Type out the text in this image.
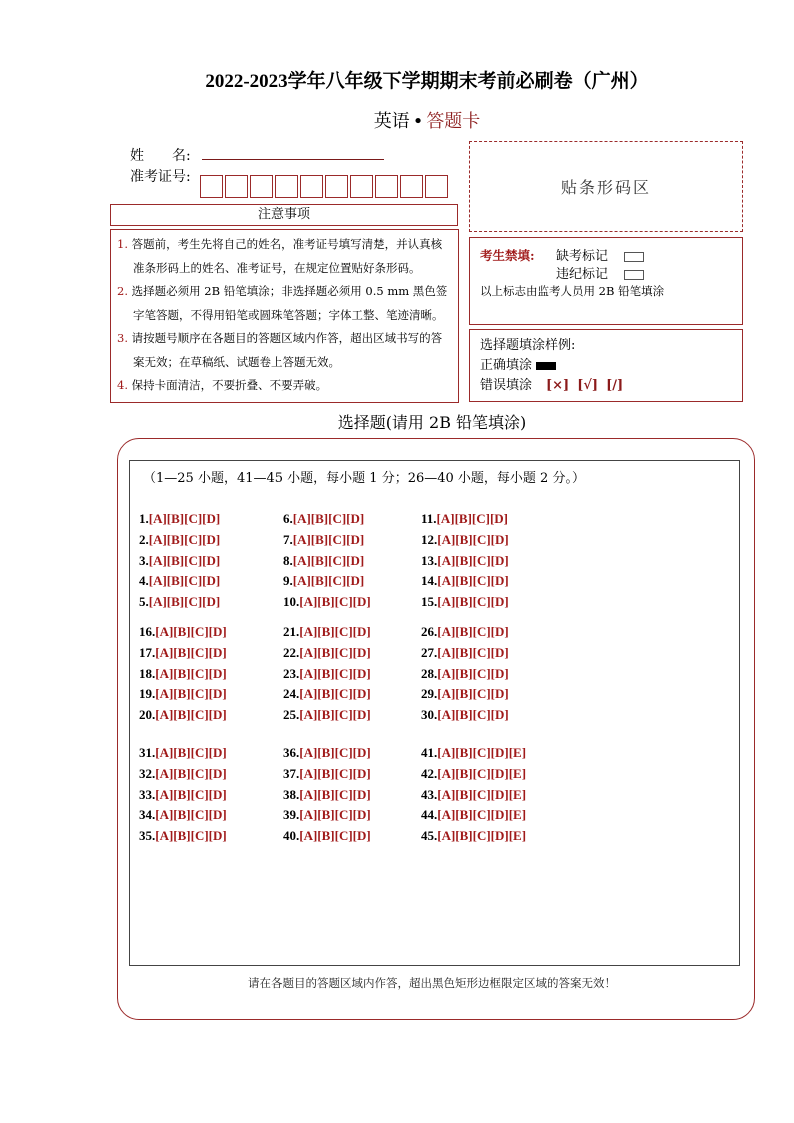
2022-2023学年八年级下学期期末考前必刷卷（广州）
英语 • 答题卡
姓　　名:
准考证号:
贴条形码区
注意事项
1. 答题前，考生先将自己的姓名，准考证号填写清楚，并认真核
准条形码上的姓名、准考证号，在规定位置贴好条形码。
2. 选择题必须用 2B 铅笔填涂；非选择题必须用 0.5 mm 黑色签
字笔答题，不得用铅笔或圆珠笔答题；字体工整、笔迹清晰。
3. 请按题号顺序在各题目的答题区域内作答，超出区域书写的答
案无效；在草稿纸、试题卷上答题无效。
4. 保持卡面清洁，不要折叠、不要弄破。
考生禁填: 缺考标记
违纪标记
以上标志由监考人员用 2B 铅笔填涂
选择题填涂样例:
正确填涂
错误填涂 [×] [√] [/]
选择题(请用 2B 铅笔填涂)
（1—25 小题，41—45 小题，每小题 1 分；26—40 小题，每小题 2 分。）
1.[A][B][C][D]
2.[A][B][C][D]
3.[A][B][C][D]
4.[A][B][C][D]
5.[A][B][C][D]
6.[A][B][C][D]
7.[A][B][C][D]
8.[A][B][C][D]
9.[A][B][C][D]
10.[A][B][C][D]
11.[A][B][C][D]
12.[A][B][C][D]
13.[A][B][C][D]
14.[A][B][C][D]
15.[A][B][C][D]
16.[A][B][C][D]
17.[A][B][C][D]
18.[A][B][C][D]
19.[A][B][C][D]
20.[A][B][C][D]
21.[A][B][C][D]
22.[A][B][C][D]
23.[A][B][C][D]
24.[A][B][C][D]
25.[A][B][C][D]
26.[A][B][C][D]
27.[A][B][C][D]
28.[A][B][C][D]
29.[A][B][C][D]
30.[A][B][C][D]
31.[A][B][C][D]
32.[A][B][C][D]
33.[A][B][C][D]
34.[A][B][C][D]
35.[A][B][C][D]
36.[A][B][C][D]
37.[A][B][C][D]
38.[A][B][C][D]
39.[A][B][C][D]
40.[A][B][C][D]
41.[A][B][C][D][E]
42.[A][B][C][D][E]
43.[A][B][C][D][E]
44.[A][B][C][D][E]
45.[A][B][C][D][E]
请在各题目的答题区域内作答，超出黑色矩形边框限定区域的答案无效！
